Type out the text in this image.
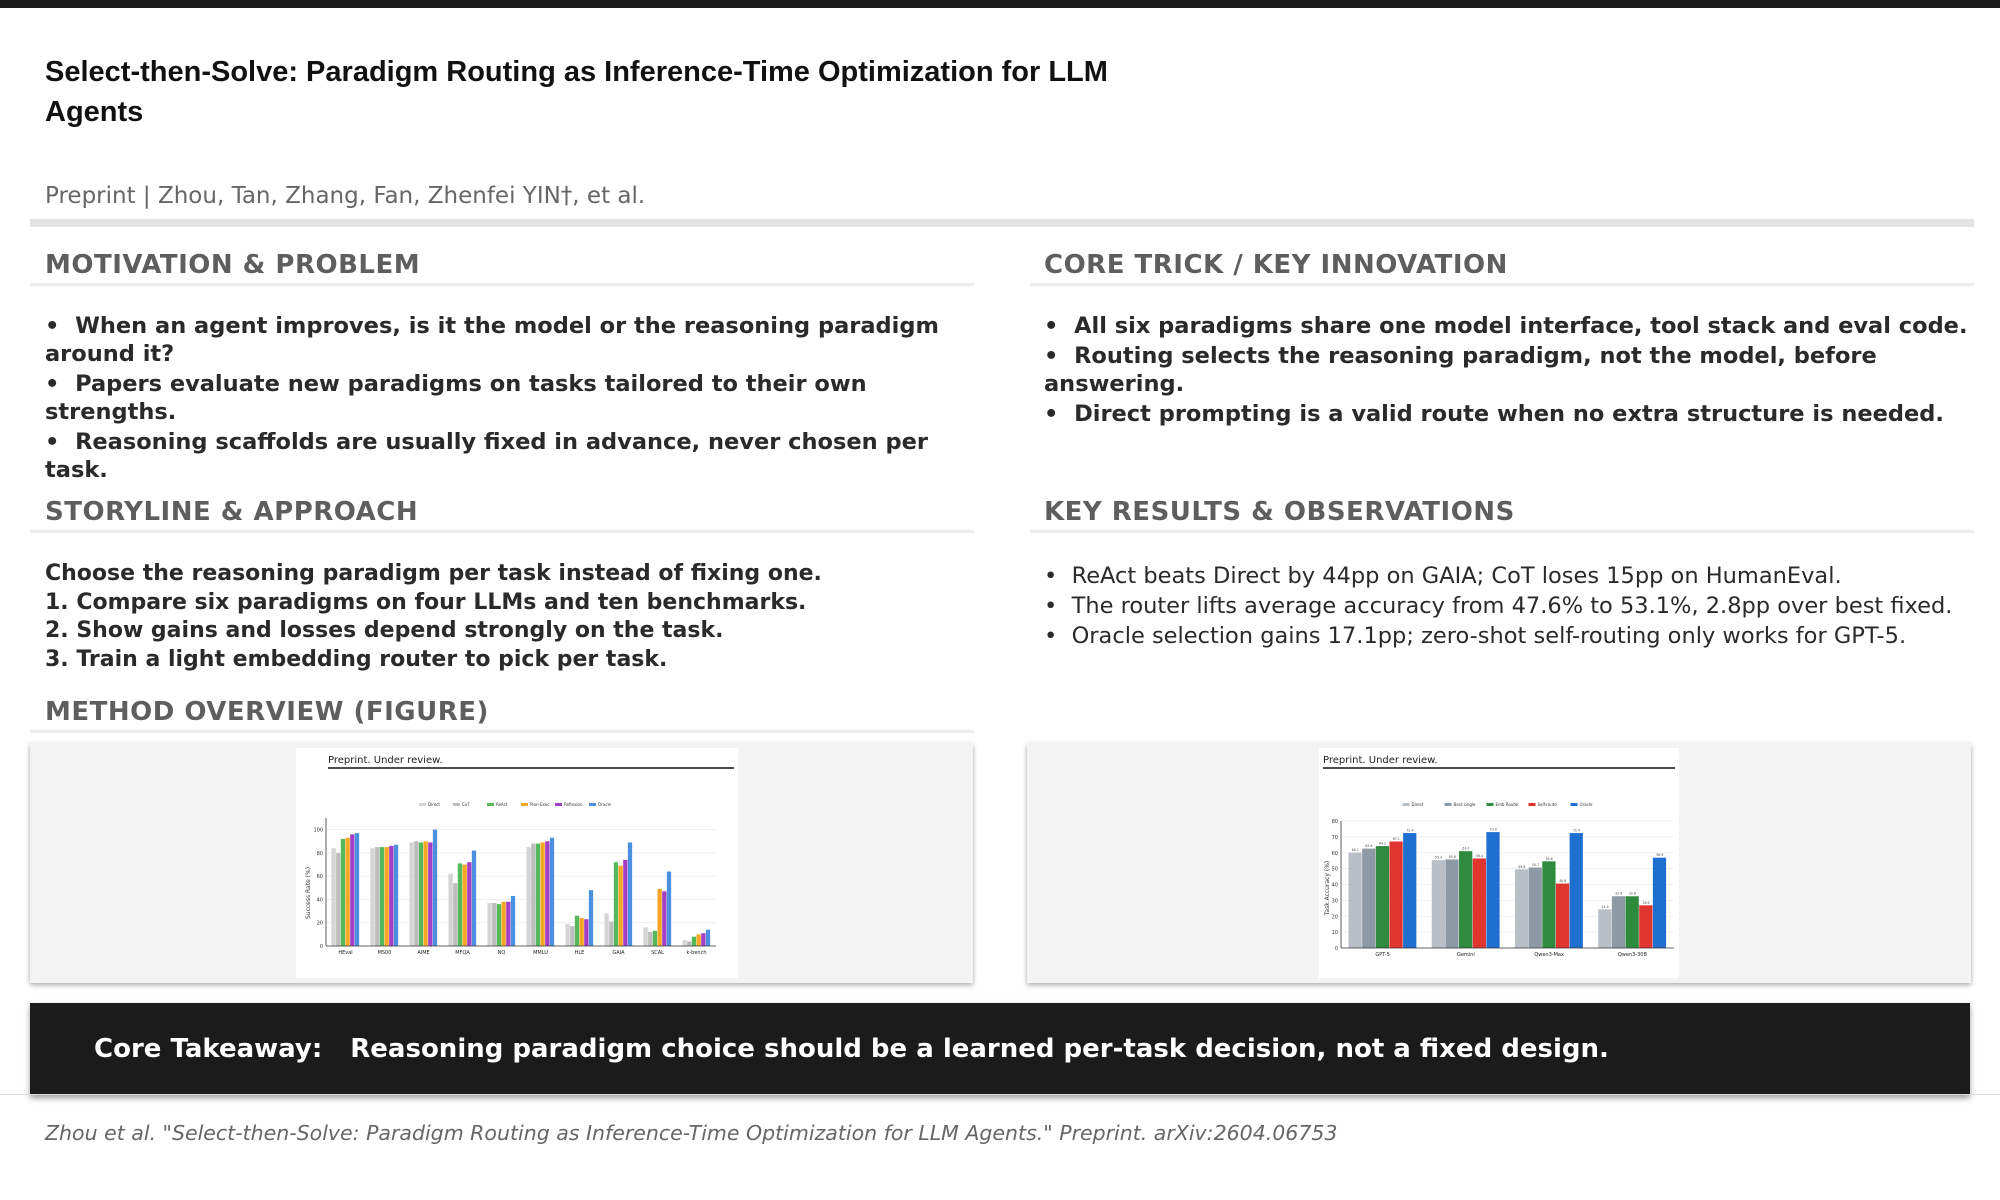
Select-then-Solve: Paradigm Routing as Inference-Time Optimization for LLM Agents

Preprint | Zhou, Tan, Zhang, Fan, Zhenfei YIN†, et al.

MOTIVATION & PROBLEM
•  When an agent improves, is it the model or the reasoning paradigm around it?
•  Papers evaluate new paradigms on tasks tailored to their own strengths.
•  Reasoning scaffolds are usually fixed in advance, never chosen per task.
CORE TRICK / KEY INNOVATION
•  All six paradigms share one model interface, tool stack and eval code.
•  Routing selects the reasoning paradigm, not the model, before answering.
•  Direct prompting is a valid route when no extra structure is needed.
STORYLINE & APPROACH
Choose the reasoning paradigm per task instead of fixing one.
1. Compare six paradigms on four LLMs and ten benchmarks.
2. Show gains and losses depend strongly on the task.
3. Train a light embedding router to pick per task.
KEY RESULTS & OBSERVATIONS
•  ReAct beats Direct by 44pp on GAIA; CoT loses 15pp on HumanEval.
•  The router lifts average accuracy from 47.6% to 53.1%, 2.8pp over best fixed.
•  Oracle selection gains 17.1pp; zero-shot self-routing only works for GPT-5.
METHOD OVERVIEW (FIGURE)
Preprint. Under review.
Success Rate (%)
Direct	CoT	ReAct	Plan-Exec	ReflexIon	Oracle
0
20
40
60
80
100
HEval	MS00	AIME	MFQA	NQ	MMLU	HLE	GAIA	SCAL	k-bench
Preprint. Under review.
Task Accuracy (%)
Direct	Best single	Emb Router	Self-route	Oracle
60.1
62.6
64.2
67.1
72.4
55.3 55.8
61.0
56.4
73.0
49.6 50.7
54.6
40.6
72.4
24.4
32.6 32.6
26.9
56.9
0
10
20
30
40
50
60
70
80
GPT-5	Gemini	Qwen3-Max	Qwen3-30B
Core Takeaway: Reasoning paradigm choice should be a learned per-task decision, not a fixed design.

Zhou et al. "Select-then-Solve: Paradigm Routing as Inference-Time Optimization for LLM Agents." Preprint. arXiv:2604.06753
